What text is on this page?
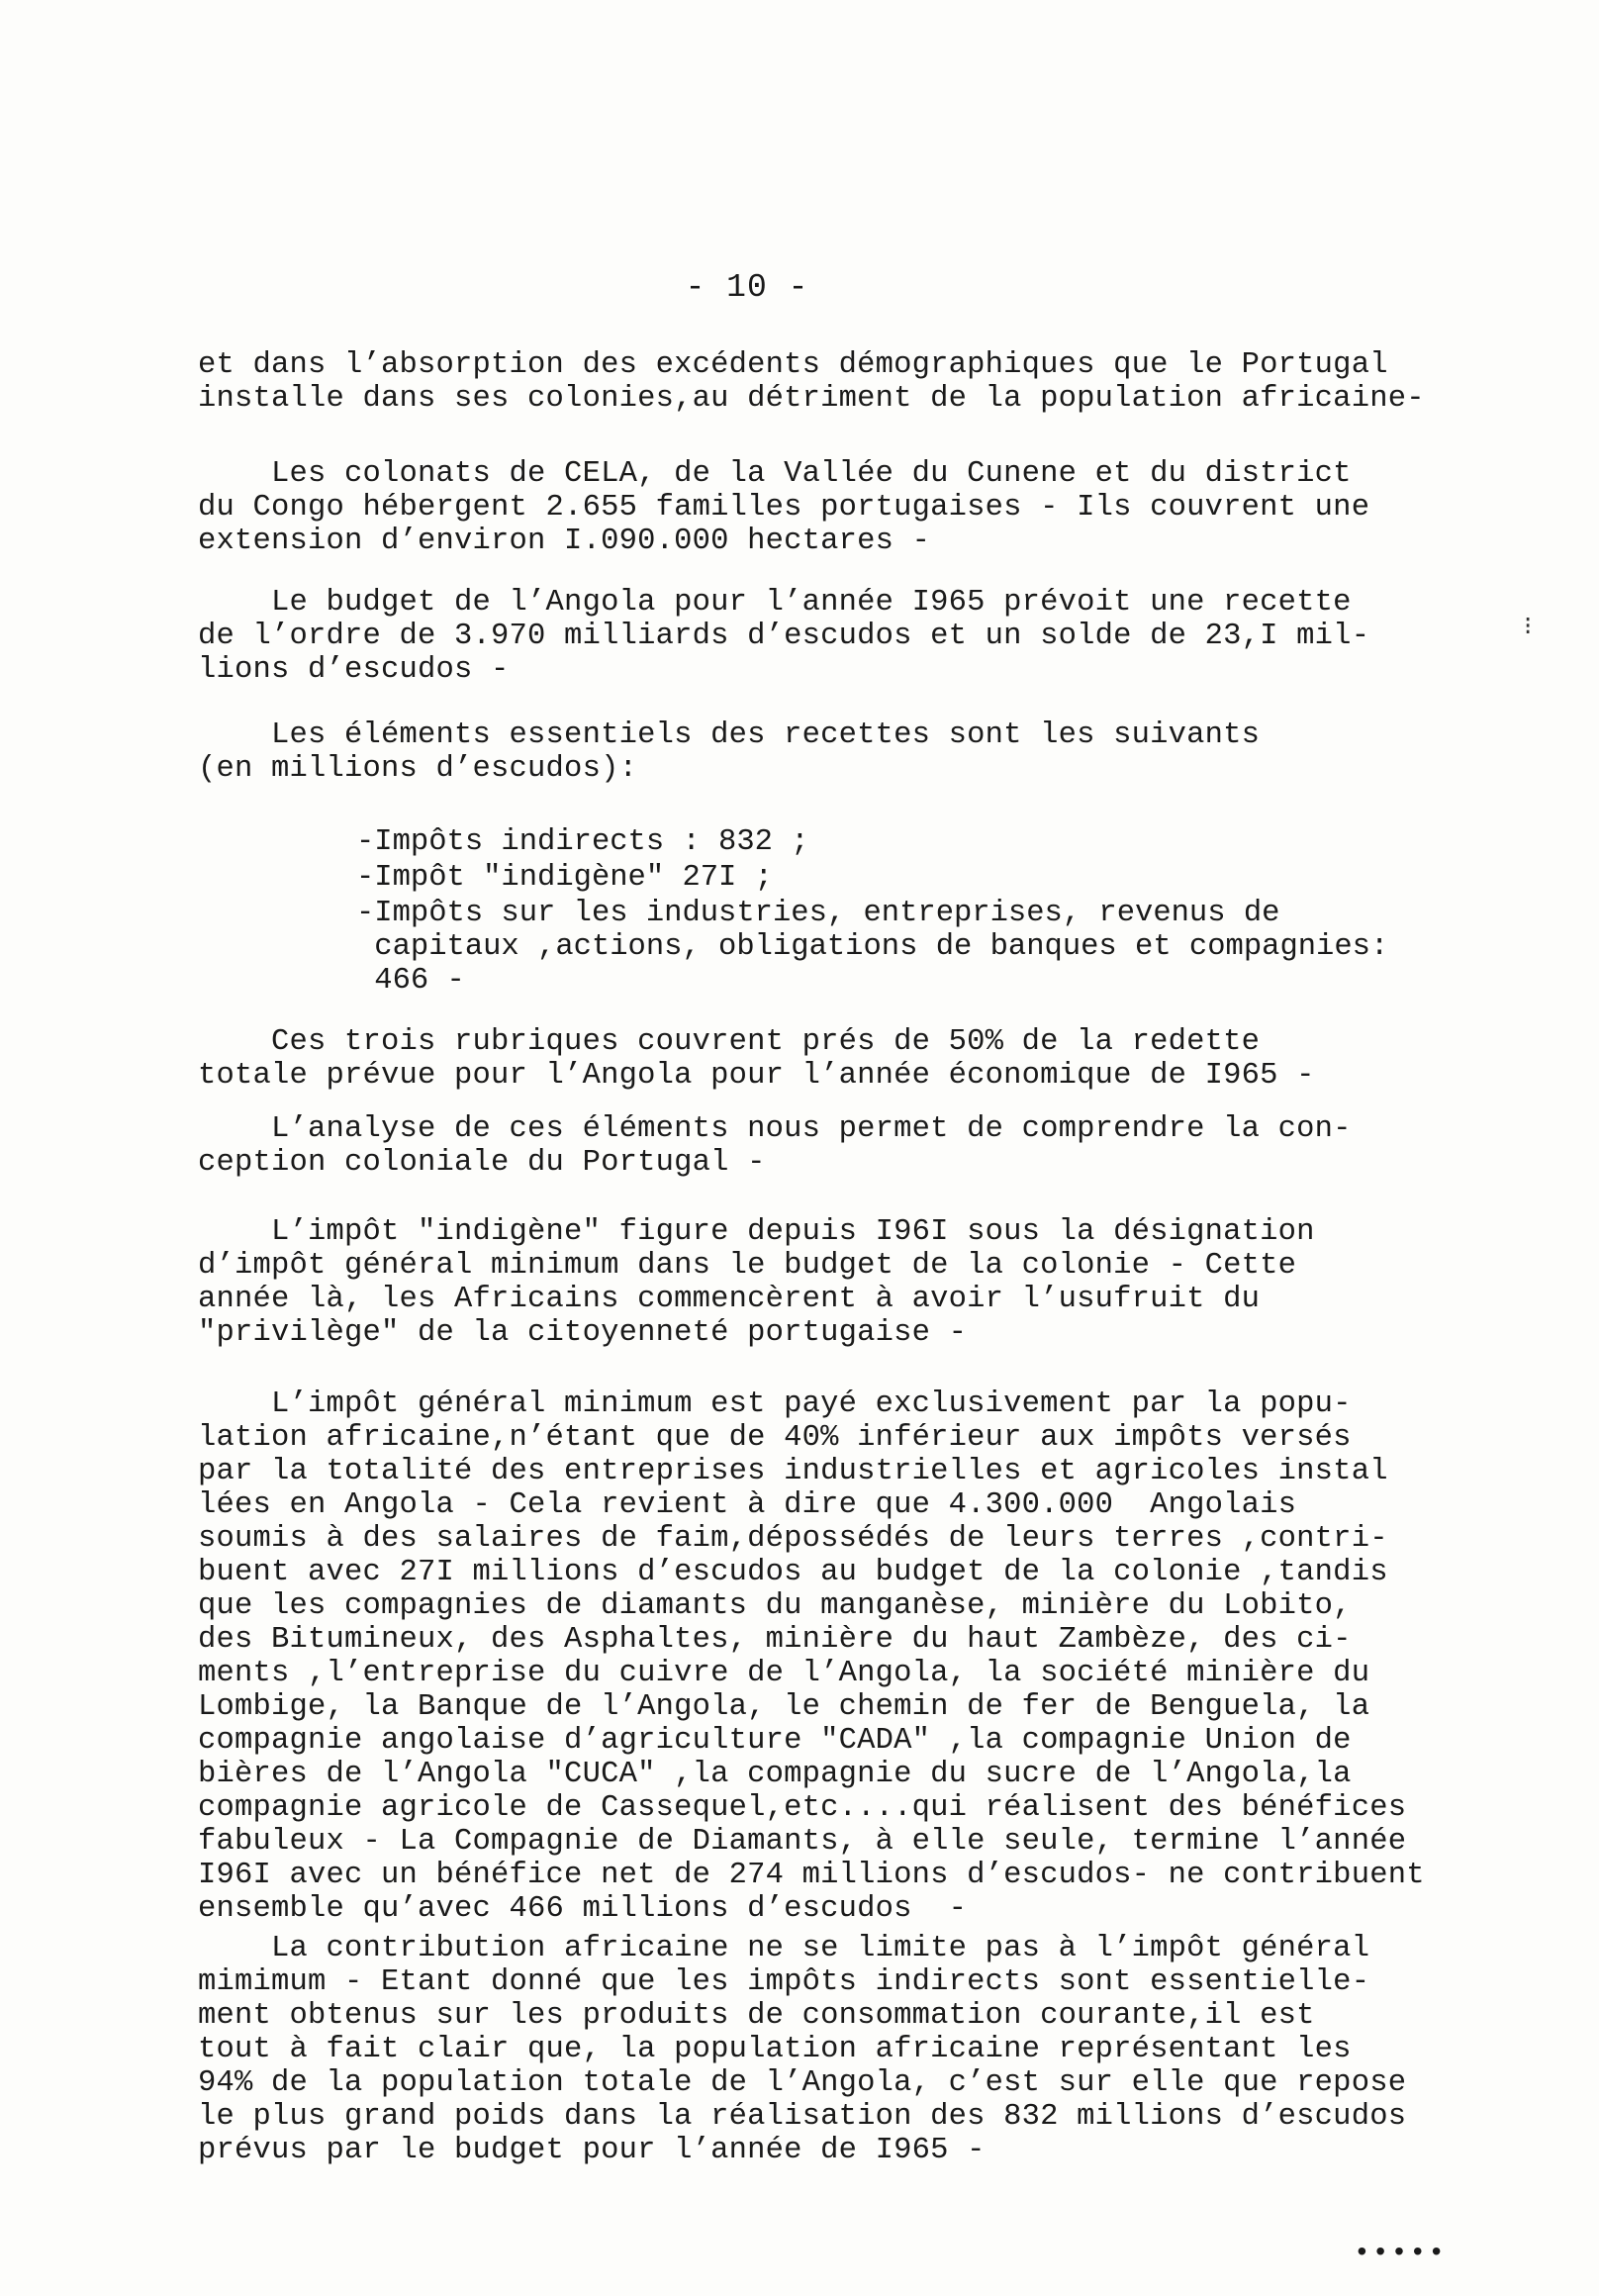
- 10 -
et dans l’absorption des excédents démographiques que le Portugal
installe dans ses colonies,au détriment de la population africaine-
Les colonats de CELA, de la Vallée du Cunene et du district
du Congo hébergent 2.655 familles portugaises - Ils couvrent une
extension d’environ I.090.000 hectares -
Le budget de l’Angola pour l’année I965 prévoit une recette
de l’ordre de 3.970 milliards d’escudos et un solde de 23,I mil-
lions d’escudos -
Les éléments essentiels des recettes sont les suivants
(en millions d’escudos):
-Impôts indirects : 832 ;
-Impôt "indigène" 27I ;
-Impôts sur les industries, entreprises, revenus de
capitaux ,actions, obligations de banques et compagnies:
466 -
Ces trois rubriques couvrent prés de 50% de la redette
totale prévue pour l’Angola pour l’année économique de I965 -
L’analyse de ces éléments nous permet de comprendre la con-
ception coloniale du Portugal -
L’impôt "indigène" figure depuis I96I sous la désignation
d’impôt général minimum dans le budget de la colonie - Cette
année là, les Africains commencèrent à avoir l’usufruit du
"privilège" de la citoyenneté portugaise -
L’impôt général minimum est payé exclusivement par la popu-
lation africaine,n’étant que de 40% inférieur aux impôts versés
par la totalité des entreprises industrielles et agricoles instal
lées en Angola - Cela revient à dire que 4.300.000  Angolais
soumis à des salaires de faim,dépossédés de leurs terres ,contri-
buent avec 27I millions d’escudos au budget de la colonie ,tandis
que les compagnies de diamants du manganèse, minière du Lobito,
des Bitumineux, des Asphaltes, minière du haut Zambèze, des ci-
ments ,l’entreprise du cuivre de l’Angola, la société minière du
Lombige, la Banque de l’Angola, le chemin de fer de Benguela, la
compagnie angolaise d’agriculture "CADA" ,la compagnie Union de
bières de l’Angola "CUCA" ,la compagnie du sucre de l’Angola,la
compagnie agricole de Cassequel,etc....qui réalisent des bénéfices
fabuleux - La Compagnie de Diamants, à elle seule, termine l’année
I96I avec un bénéfice net de 274 millions d’escudos- ne contribuent
ensemble qu’avec 466 millions d’escudos  -
La contribution africaine ne se limite pas à l’impôt général
mimimum - Etant donné que les impôts indirects sont essentielle-
ment obtenus sur les produits de consommation courante,il est
tout à fait clair que, la population africaine représentant les
94% de la population totale de l’Angola, c’est sur elle que repose
le plus grand poids dans la réalisation des 832 millions d’escudos
prévus par le budget pour l’année de I965 -
⁝
•••••
